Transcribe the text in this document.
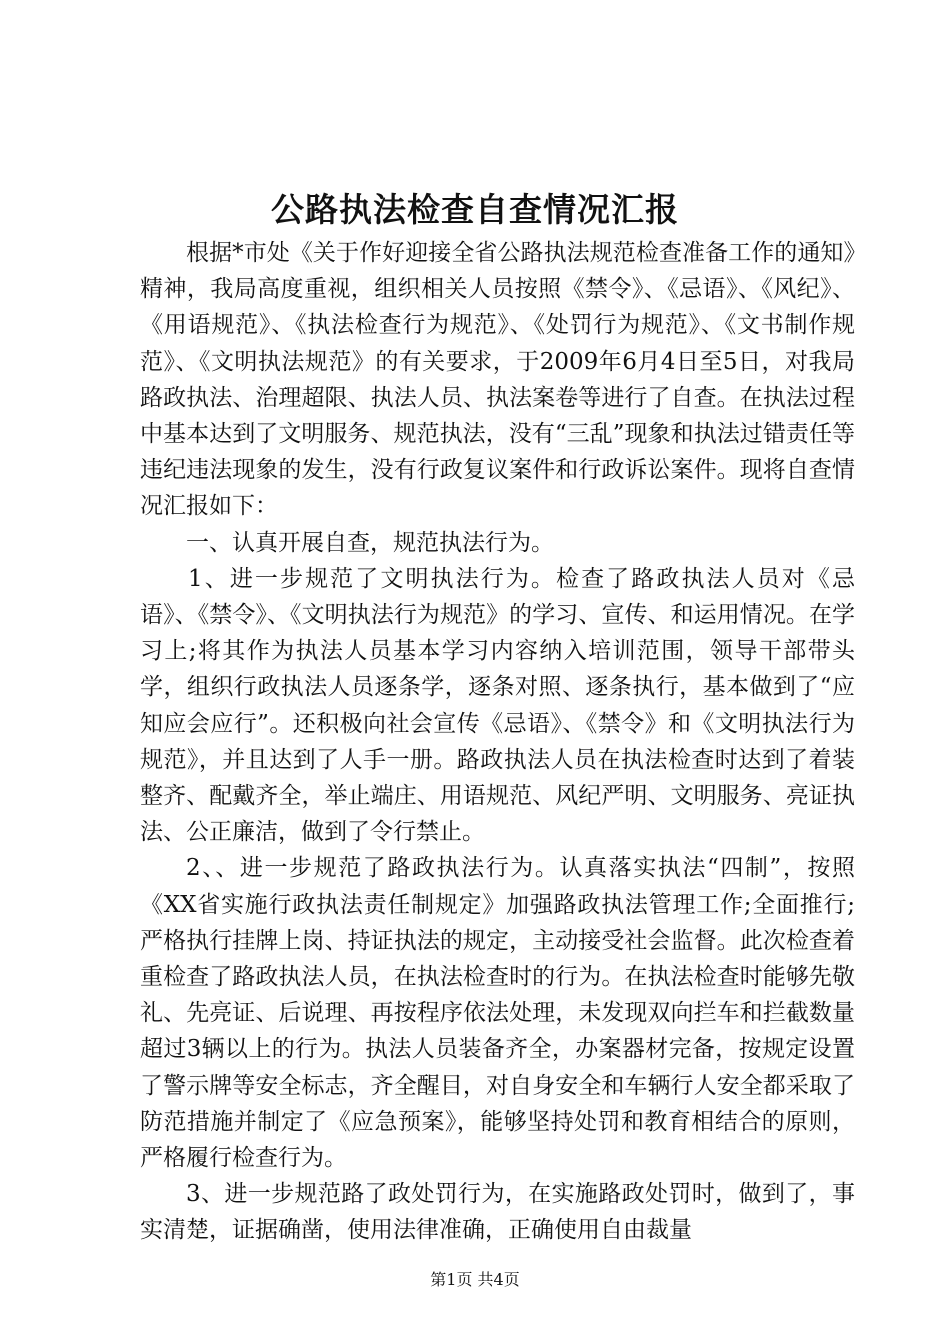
公路执法检查自查情况汇报

根据*市处《关于作好迎接全省公路执法规范检查准备工作的通知》精神，我局高度重视，组织相关人员按照《禁令》、《忌语》、《风纪》、《用语规范》、《执法检查行为规范》、《处罚行为规范》、《文书制作规范》、《文明执法规范》的有关要求，于2009年6月4日至5日，对我局路政执法、治理超限、执法人员、执法案卷等进行了自查。在执法过程中基本达到了文明服务、规范执法，没有“三乱”现象和执法过错责任等违纪违法现象的发生，没有行政复议案件和行政诉讼案件。现将自查情况汇报如下：

一、认真开展自查，规范执法行为。

1、进一步规范了文明执法行为。检查了路政执法人员对《忌语》、《禁令》、《文明执法行为规范》的学习、宣传、和运用情况。在学习上;将其作为执法人员基本学习内容纳入培训范围，领导干部带头学，组织行政执法人员逐条学，逐条对照、逐条执行，基本做到了“应知应会应行”。还积极向社会宣传《忌语》、《禁令》和《文明执法行为规范》，并且达到了人手一册。路政执法人员在执法检查时达到了着装整齐、配戴齐全，举止端庄、用语规范、风纪严明、文明服务、亮证执法、公正廉洁，做到了令行禁止。

2、、进一步规范了路政执法行为。认真落实执法“四制”，按照《XX省实施行政执法责任制规定》加强路政执法管理工作;全面推行;严格执行挂牌上岗、持证执法的规定，主动接受社会监督。此次检查着重检查了路政执法人员，在执法检查时的行为。在执法检查时能够先敬礼、先亮证、后说理、再按程序依法处理，未发现双向拦车和拦截数量超过3辆以上的行为。执法人员装备齐全，办案器材完备，按规定设置了警示牌等安全标志，齐全醒目，对自身安全和车辆行人安全都采取了防范措施并制定了《应急预案》，能够坚持处罚和教育相结合的原则，严格履行检查行为。

3、进一步规范路了政处罚行为，在实施路政处罚时，做到了，事实清楚，证据确凿，使用法律准确，正确使用自由裁量

第1页 共4页
